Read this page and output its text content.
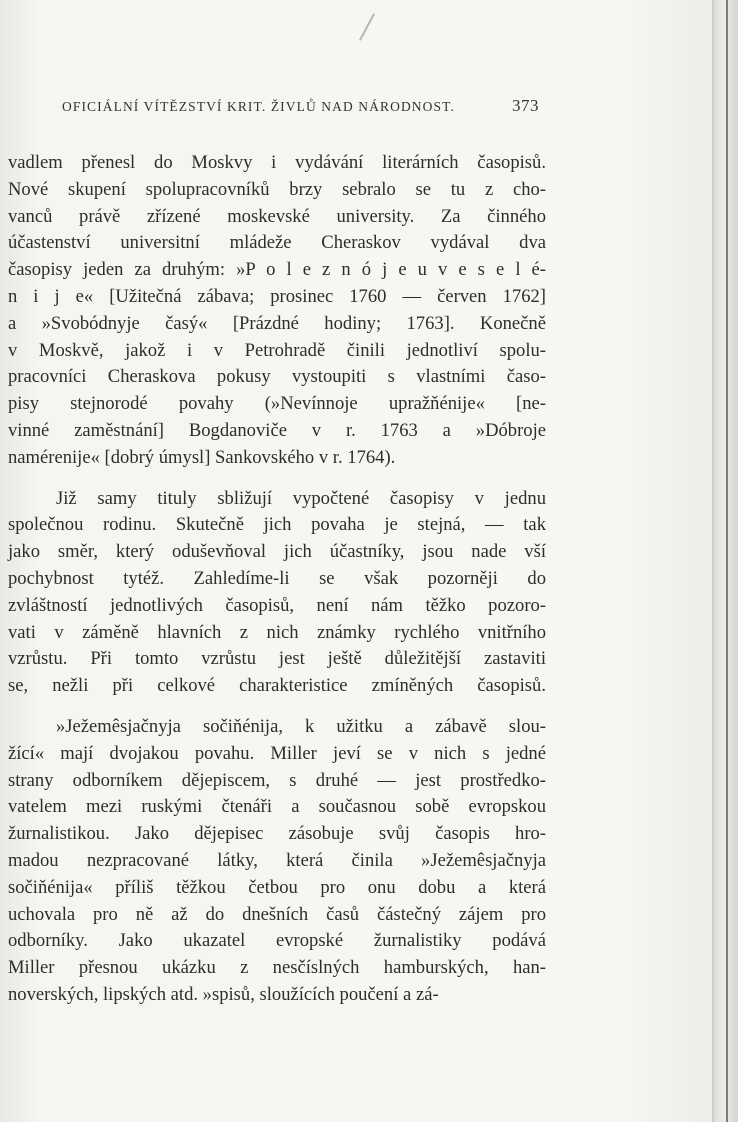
OFICIÁLNÍ VÍTĚZSTVÍ KRIT. ŽIVLŮ NAD NÁRODNOST.	373
vadlem přenesl do Moskvy i vydávání literárních časopisů.
Nové skupení spolupracovníků brzy sebralo se tu z cho-
vanců právě zřízené moskevské university. Za činného
účastenství universitní mládeže Cheraskov vydával dva
časopisy jeden za druhým: »P o l e z n ó j e u v e s e l é-
n i j e« [Užitečná zábava; prosinec 1760 — červen 1762]
a »Svobódnyje časý« [Prázdné hodiny; 1763]. Konečně
v Moskvě, jakož i v Petrohradě činili jednotliví spolu-
pracovníci Cheraskova pokusy vystoupiti s vlastními časo-
pisy stejnorodé povahy (»Nevínnoje upražňénije« [ne-
vinné zaměstnání] Bogdanoviče v r. 1763 a »Dóbroje
namérenije« [dobrý úmysl] Sankovského v r. 1764).
Již samy tituly sbližují vypočtené časopisy v jednu
společnou rodinu. Skutečně jich povaha je stejná, — tak
jako směr, který oduševňoval jich účastníky, jsou nade vší
pochybnost tytéž. Zahledíme-li se však pozorněji do
zvláštností jednotlivých časopisů, není nám těžko pozoro-
vati v záměně hlavních z nich známky rychlého vnitřního
vzrůstu. Při tomto vzrůstu jest ještě důležitější zastaviti
se, nežli při celkové charakteristice zmíněných časopisů.
»Ježemêsjačnyja sočiňénija, k užitku a zábavě slou-
žící« mají dvojakou povahu. Miller jeví se v nich s jedné
strany odborníkem dějepiscem, s druhé — jest prostředko-
vatelem mezi ruskými čtenáři a současnou sobě evropskou
žurnalistikou. Jako dějepisec zásobuje svůj časopis hro-
madou nezpracované látky, která činila »Ježemêsjačnyja
sočiňénija« příliš těžkou četbou pro onu dobu a která
uchovala pro ně až do dnešních časů částečný zájem pro
odborníky. Jako ukazatel evropské žurnalistiky podává
Miller přesnou ukázku z nesčíslných hamburských, han-
noverských, lipských atd. »spisů, sloužících poučení a zá-
